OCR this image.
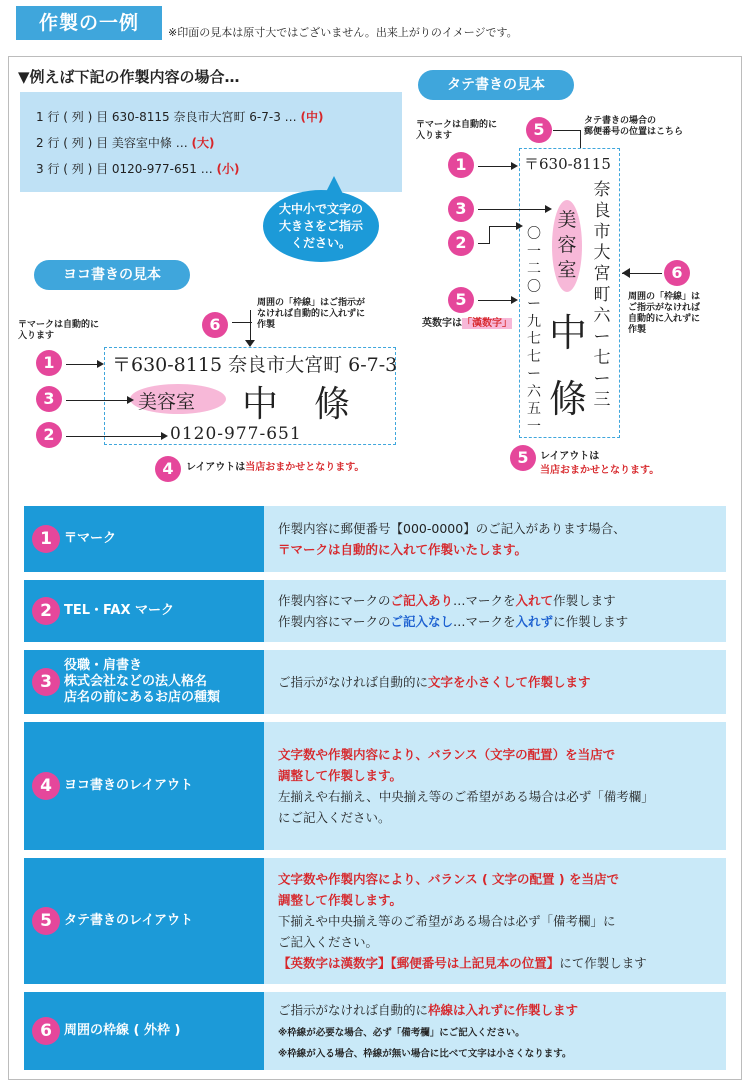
作製の一例	※印面の見本は原寸大ではございません。出来上がりのイメージです。
▼例えば下記の作製内容の場合…
1 行 ( 列 ) 目 630-8115 奈良市大宮町 6-7-3 … (中)
2 行 ( 列 ) 目 美容室中條 … (大)
3 行 ( 列 ) 目 0120-977-651 … (小)
大中小で文字の
大きさをご指示
ください。
ヨコ書きの見本
〒マークは自動的に
入ります
6
周囲の「枠線」はご指示が
なければ自動的に入れずに
作製
〒630-8115 奈良市大宮町 6-7-3
美容室 中　條
0120-977-651
1
3
2
4	レイアウトは当店おまかせとなります。
タテ書きの見本
5	タテ書きの場合の
郵便番号の位置はこちら
〒マークは自動的に
入ります
〒630-8115
奈
良
市
大
宮
町
六
ー
七
ー
三
美
容
室
中
條
〇
一
二
〇
ー
九
七
七
ー
六
五
一
1
3
2
5
英数字は「漢数字」
6
周囲の「枠線」は
ご指示がなければ
自動的に入れずに
作製
5	レイアウトは
当店おまかせとなります。
1 〒マーク
作製内容に郵便番号【000-0000】のご記入があります場合、
〒マークは自動的に入れて作製いたします。
2 TEL・FAX マーク
作製内容にマークのご記入あり…マークを入れて作製します
作製内容にマークのご記入なし…マークを入れずに作製します
3
役職・肩書き
株式会社などの法人格名
店名の前にあるお店の種類
ご指示がなければ自動的に文字を小さくして作製します
4 ヨコ書きのレイアウト
文字数や作製内容により、バランス（文字の配置）を当店で
調整して作製します。
左揃えや右揃え、中央揃え等のご希望がある場合は必ず「備考欄」
にご記入ください。
5 タテ書きのレイアウト
文字数や作製内容により、バランス ( 文字の配置 ) を当店で
調整して作製します。
下揃えや中央揃え等のご希望がある場合は必ず「備考欄」に
ご記入ください。
【英数字は漢数字】【郵便番号は上記見本の位置】にて作製します
6 周囲の枠線 ( 外枠 )
ご指示がなければ自動的に枠線は入れずに作製します
※枠線が必要な場合、必ず「備考欄」にご記入ください。
※枠線が入る場合、枠線が無い場合に比べて文字は小さくなります。
